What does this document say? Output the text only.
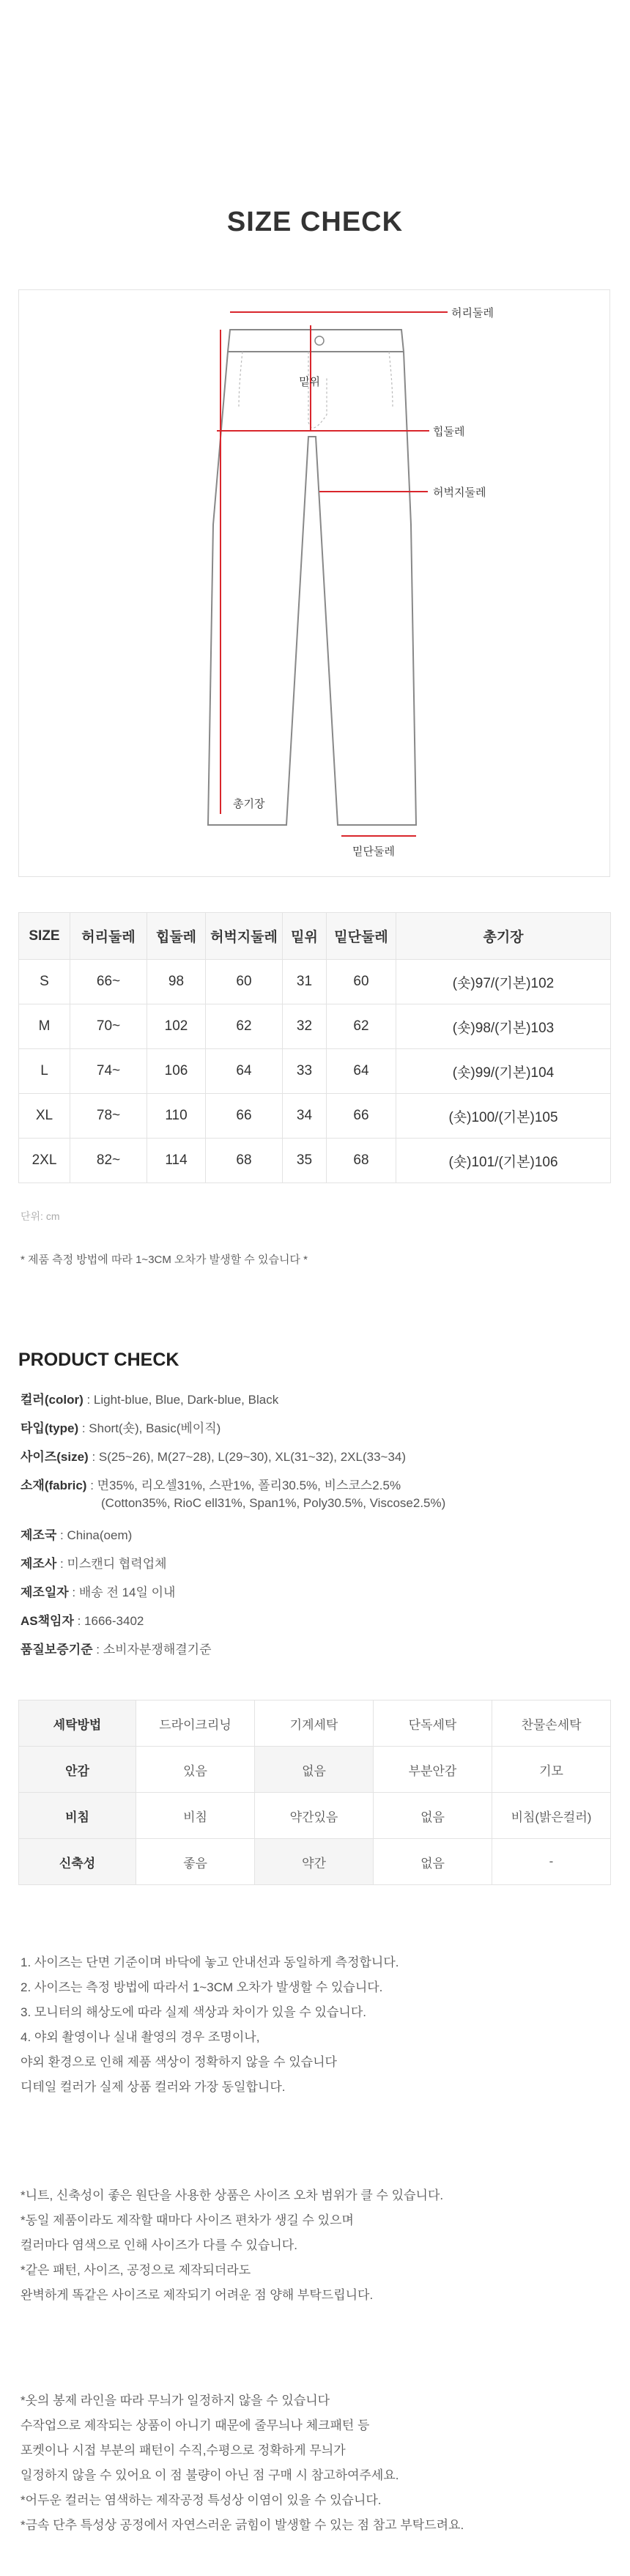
SIZE CHECK
허리둘레
밑위
힙둘레
허벅지둘레
총기장
밑단둘레
SIZE	허리둘레	힙둘레	허벅지둘레	밑위	밑단둘레	총기장
S	66~	98	60	31	60	(숏)97/(기본)102
M	70~	102	62	32	62	(숏)98/(기본)103
L	74~	106	64	33	64	(숏)99/(기본)104
XL	78~	110	66	34	66	(숏)100/(기본)105
2XL	82~	114	68	35	68	(숏)101/(기본)106
단위: cm
* 제품 측정 방법에 따라 1~3CM 오차가 발생할 수 있습니다 *
PRODUCT CHECK
컬러(color) : Light-blue, Blue, Dark-blue, Black
타입(type) : Short(숏), Basic(베이직)
사이즈(size) : S(25~26), M(27~28), L(29~30), XL(31~32), 2XL(33~34)
소재(fabric) : 면35%, 리오셀31%, 스판1%, 폴리30.5%, 비스코스2.5%
(Cotton35%, RioC ell31%, Span1%, Poly30.5%, Viscose2.5%)
제조국 : China(oem)
제조사 : 미스캔디 협력업체
제조일자 : 배송 전 14일 이내
AS책임자 : 1666-3402
품질보증기준 : 소비자분쟁해결기준
세탁방법	드라이크리닝	기계세탁	단독세탁	찬물손세탁
안감	있음	없음	부분안감	기모
비침	비침	약간있음	없음	비침(밝은컬러)
신축성	좋음	약간	없음	-
1. 사이즈는 단면 기준이며 바닥에 놓고 안내선과 동일하게 측정합니다.
2. 사이즈는 측정 방법에 따라서 1~3CM 오차가 발생할 수 있습니다.
3. 모니터의 해상도에 따라 실제 색상과 차이가 있을 수 있습니다.
4. 야외 촬영이나 실내 촬영의 경우 조명이나,
야외 환경으로 인해 제품 색상이 정확하지 않을 수 있습니다
디테일 컬러가 실제 상품 컬러와 가장 동일합니다.
*니트, 신축성이 좋은 원단을 사용한 상품은 사이즈 오차 범위가 클 수 있습니다.
*동일 제품이라도 제작할 때마다 사이즈 편차가 생길 수 있으며
컬러마다 염색으로 인해 사이즈가 다를 수 있습니다.
*같은 패턴, 사이즈, 공정으로 제작되더라도
완벽하게 똑같은 사이즈로 제작되기 어려운 점 양해 부탁드립니다.
*옷의 봉제 라인을 따라 무늬가 일정하지 않을 수 있습니다
수작업으로 제작되는 상품이 아니기 때문에 줄무늬나 체크패턴 등
포켓이나 시접 부분의 패턴이 수직,수평으로 정확하게 무늬가
일정하지 않을 수 있어요 이 점 불량이 아닌 점 구매 시 참고하여주세요.
*어두운 컬러는 염색하는 제작공정 특성상 이염이 있을 수 있습니다.
*금속 단추 특성상 공정에서 자연스러운 긁힘이 발생할 수 있는 점 참고 부탁드려요.
